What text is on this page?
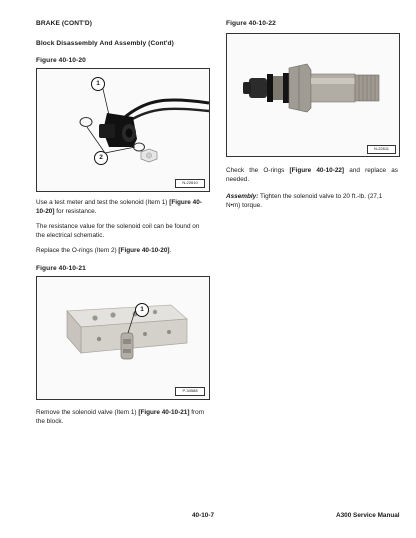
BRAKE (CONT'D)
Block Disassembly And Assembly (Cont'd)
Figure 40-10-20
1
2
N-22610
Use a test meter and test the solenoid (Item 1) [Figure 40-10-20] for resistance.
The resistance value for the solenoid coil can be found on the electrical schematic.
Replace the O-rings (Item 2) [Figure 40-10-20].
Figure 40-10-21
1
P-34588
Remove the solenoid valve (Item 1) [Figure 40-10-21] from the block.
Figure 40-10-22
N-22611
Check the O-rings [Figure 40-10-22] and replace as needed.
Assembly: Tighten the solenoid valve to 20 ft.-lb. (27,1 N•m) torque.
40-10-7	A300 Service Manual
